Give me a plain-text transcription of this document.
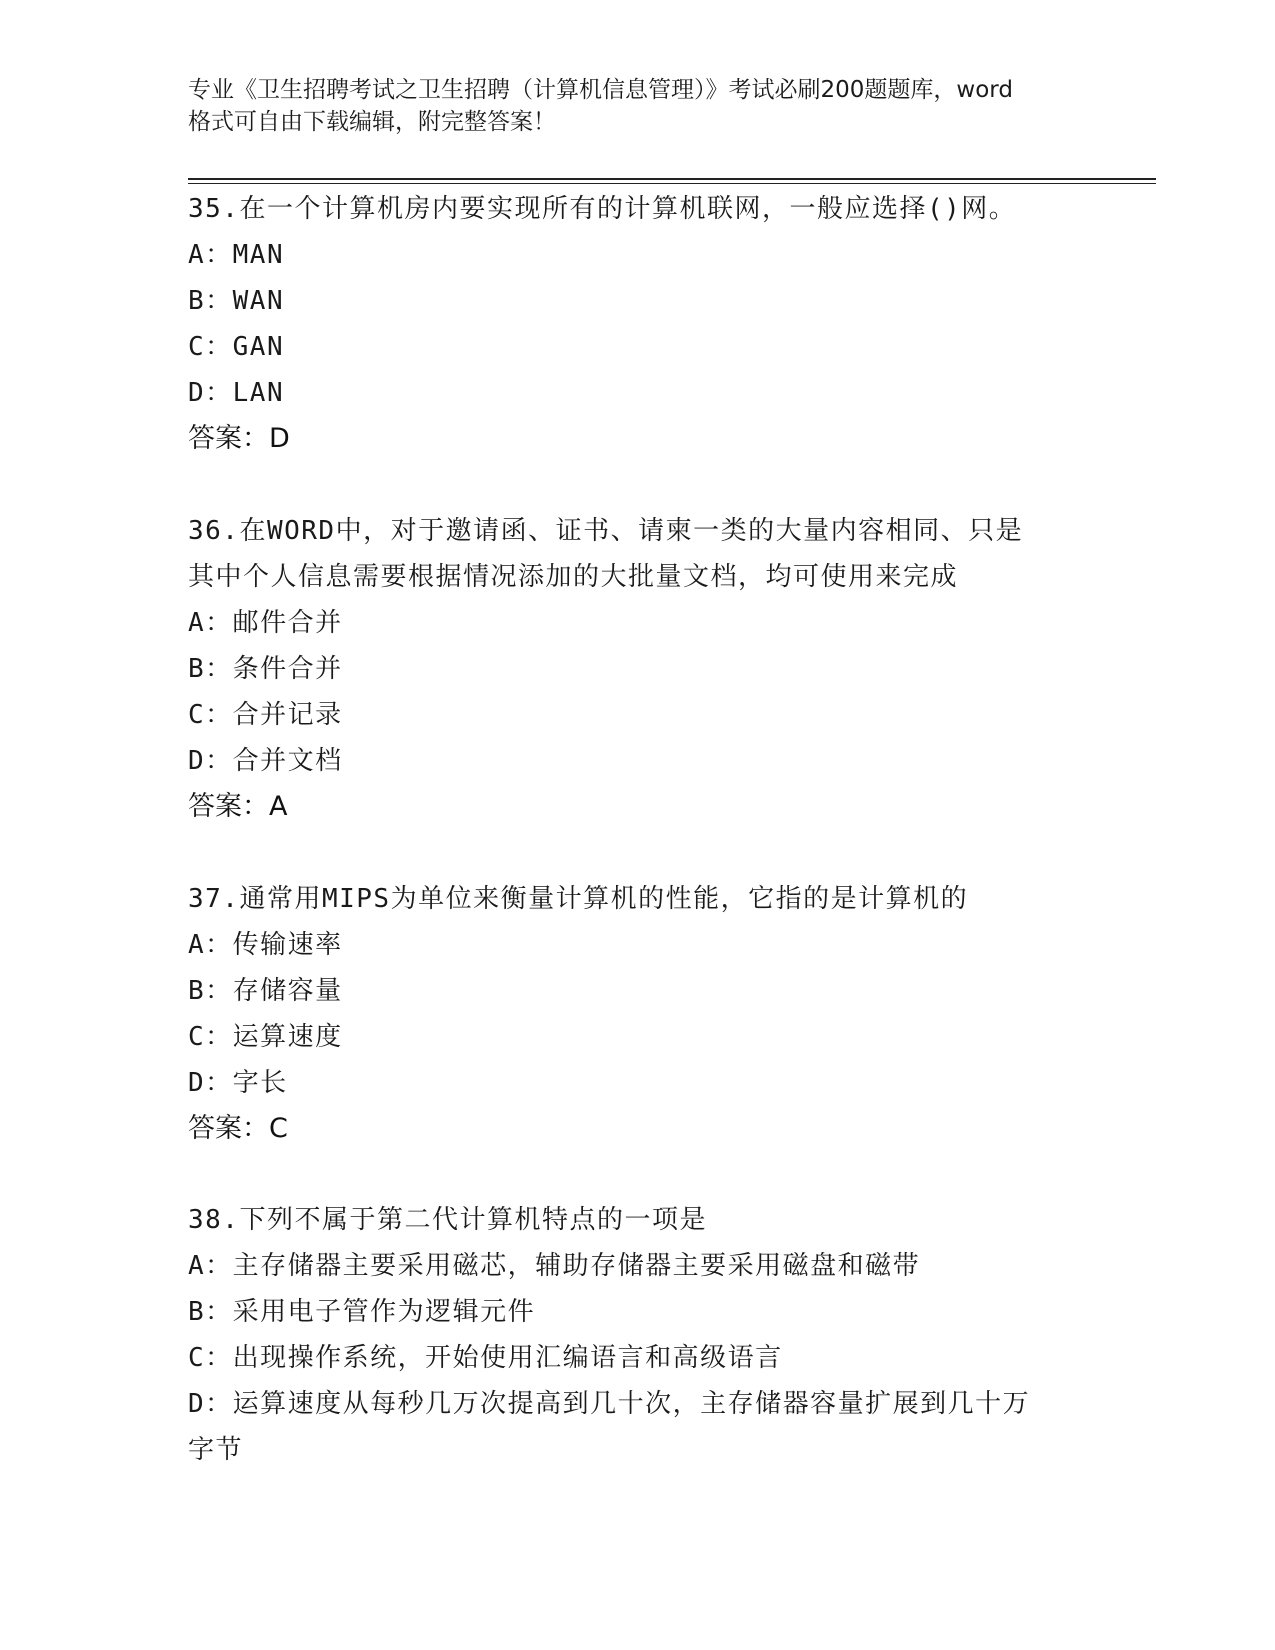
专业《卫生招聘考试之卫生招聘（计算机信息管理）》考试必刷200题题库，word
格式可自由下载编辑，附完整答案！
35.在一个计算机房内要实现所有的计算机联网，一般应选择()网。
A：MAN
B：WAN
C：GAN
D：LAN
答案：D
36.在WORD中，对于邀请函、证书、请柬一类的大量内容相同、只是
其中个人信息需要根据情况添加的大批量文档，均可使用来完成
A：邮件合并
B：条件合并
C：合并记录
D：合并文档
答案：A
37.通常用MIPS为单位来衡量计算机的性能，它指的是计算机的
A：传输速率
B：存储容量
C：运算速度
D：字长
答案：C
38.下列不属于第二代计算机特点的一项是
A：主存储器主要采用磁芯，辅助存储器主要采用磁盘和磁带
B：采用电子管作为逻辑元件
C：出现操作系统，开始使用汇编语言和高级语言
D：运算速度从每秒几万次提高到几十次，主存储器容量扩展到几十万
字节
